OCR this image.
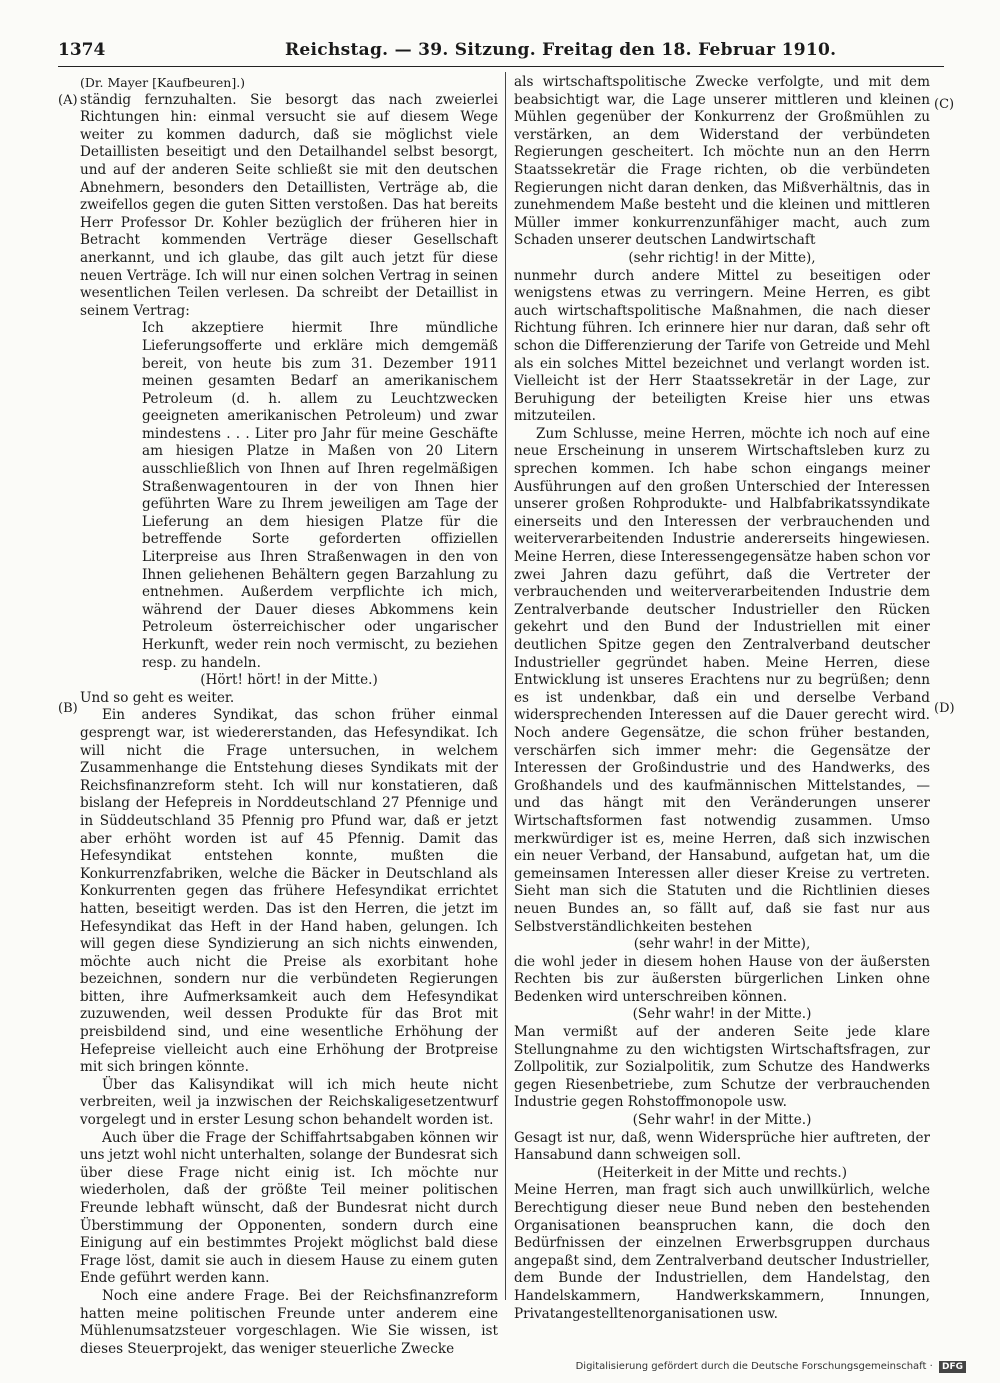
1374	Reichstag. — 39. Sitzung. Freitag den 18. Februar 1910.
(A)
(B)
(C)
(D)

(Dr. Mayer [Kaufbeuren].)

ständig fernzuhalten. Sie besorgt das nach zweierlei Richtungen hin: einmal versucht sie auf diesem Wege weiter zu kommen dadurch, daß sie möglichst viele Detaillisten beseitigt und den Detailhandel selbst besorgt, und auf der anderen Seite schließt sie mit den deutschen Abnehmern, besonders den Detaillisten, Verträge ab, die zweifellos gegen die guten Sitten verstoßen. Das hat bereits Herr Professor Dr. Kohler bezüglich der früheren hier in Betracht kommenden Verträge dieser Gesellschaft anerkannt, und ich glaube, das gilt auch jetzt für diese neuen Verträge. Ich will nur einen solchen Vertrag in seinen wesentlichen Teilen verlesen. Da schreibt der Detaillist in seinem Vertrag:

Ich akzeptiere hiermit Ihre mündliche Lieferungsofferte und erkläre mich demgemäß bereit, von heute bis zum 31. Dezember 1911 meinen gesamten Bedarf an amerikanischem Petroleum (d. h. allem zu Leuchtzwecken geeigneten amerikanischen Petroleum) und zwar mindestens . . . Liter pro Jahr für meine Geschäfte am hiesigen Platze in Maßen von 20 Litern ausschließlich von Ihnen auf Ihren regelmäßigen Straßenwagentouren in der von Ihnen hier geführten Ware zu Ihrem jeweiligen am Tage der Lieferung an dem hiesigen Platze für die betreffende Sorte geforderten offiziellen Literpreise aus Ihren Straßenwagen in den von Ihnen geliehenen Behältern gegen Barzahlung zu entnehmen. Außerdem verpflichte ich mich, während der Dauer dieses Abkommens kein Petroleum österreichischer oder ungarischer Herkunft, weder rein noch vermischt, zu beziehen resp. zu handeln.

(Hört! hört! in der Mitte.)

Und so geht es weiter.

Ein anderes Syndikat, das schon früher einmal gesprengt war, ist wiedererstanden, das Hefesyndikat. Ich will nicht die Frage untersuchen, in welchem Zusammenhange die Entstehung dieses Syndikats mit der Reichsfinanzreform steht. Ich will nur konstatieren, daß bislang der Hefepreis in Norddeutschland 27 Pfennige und in Süddeutschland 35 Pfennig pro Pfund war, daß er jetzt aber erhöht worden ist auf 45 Pfennig. Damit das Hefesyndikat entstehen konnte, mußten die Konkurrenzfabriken, welche die Bäcker in Deutschland als Konkurrenten gegen das frühere Hefesyndikat errichtet hatten, beseitigt werden. Das ist den Herren, die jetzt im Hefesyndikat das Heft in der Hand haben, gelungen. Ich will gegen diese Syndizierung an sich nichts einwenden, möchte auch nicht die Preise als exorbitant hohe bezeichnen, sondern nur die verbündeten Regierungen bitten, ihre Aufmerksamkeit auch dem Hefesyndikat zuzuwenden, weil dessen Produkte für das Brot mit preisbildend sind, und eine wesentliche Erhöhung der Hefepreise vielleicht auch eine Erhöhung der Brotpreise mit sich bringen könnte.

Über das Kalisyndikat will ich mich heute nicht verbreiten, weil ja inzwischen der Reichskaligesetzentwurf vorgelegt und in erster Lesung schon behandelt worden ist.

Auch über die Frage der Schiffahrtsabgaben können wir uns jetzt wohl nicht unterhalten, solange der Bundesrat sich über diese Frage nicht einig ist. Ich möchte nur wiederholen, daß der größte Teil meiner politischen Freunde lebhaft wünscht, daß der Bundesrat nicht durch Überstimmung der Opponenten, sondern durch eine Einigung auf ein bestimmtes Projekt möglichst bald diese Frage löst, damit sie auch in diesem Hause zu einem guten Ende geführt werden kann.

Noch eine andere Frage. Bei der Reichsfinanzreform hatten meine politischen Freunde unter anderem eine Mühlenumsatzsteuer vorgeschlagen. Wie Sie wissen, ist dieses Steuerprojekt, das weniger steuerliche Zwecke

als wirtschaftspolitische Zwecke verfolgte, und mit dem beabsichtigt war, die Lage unserer mittleren und kleinen Mühlen gegenüber der Konkurrenz der Großmühlen zu verstärken, an dem Widerstand der verbündeten Regierungen gescheitert. Ich möchte nun an den Herrn Staatssekretär die Frage richten, ob die verbündeten Regierungen nicht daran denken, das Mißverhältnis, das in zunehmendem Maße besteht und die kleinen und mittleren Müller immer konkurrenzunfähiger macht, auch zum Schaden unserer deutschen Landwirtschaft

(sehr richtig! in der Mitte),

nunmehr durch andere Mittel zu beseitigen oder wenigstens etwas zu verringern. Meine Herren, es gibt auch wirtschaftspolitische Maßnahmen, die nach dieser Richtung führen. Ich erinnere hier nur daran, daß sehr oft schon die Differenzierung der Tarife von Getreide und Mehl als ein solches Mittel bezeichnet und verlangt worden ist. Vielleicht ist der Herr Staatssekretär in der Lage, zur Beruhigung der beteiligten Kreise hier uns etwas mitzuteilen.

Zum Schlusse, meine Herren, möchte ich noch auf eine neue Erscheinung in unserem Wirtschaftsleben kurz zu sprechen kommen. Ich habe schon eingangs meiner Ausführungen auf den großen Unterschied der Interessen unserer großen Rohprodukte- und Halbfabrikatssyndikate einerseits und den Interessen der verbrauchenden und weiterverarbeitenden Industrie andererseits hingewiesen. Meine Herren, diese Interessengegensätze haben schon vor zwei Jahren dazu geführt, daß die Vertreter der verbrauchenden und weiterverarbeitenden Industrie dem Zentralverbande deutscher Industrieller den Rücken gekehrt und den Bund der Industriellen mit einer deutlichen Spitze gegen den Zentralverband deutscher Industrieller gegründet haben. Meine Herren, diese Entwicklung ist unseres Erachtens nur zu begrüßen; denn es ist undenkbar, daß ein und derselbe Verband widersprechenden Interessen auf die Dauer gerecht wird. Noch andere Gegensätze, die schon früher bestanden, verschärfen sich immer mehr: die Gegensätze der Interessen der Großindustrie und des Handwerks, des Großhandels und des kaufmännischen Mittelstandes, — und das hängt mit den Veränderungen unserer Wirtschaftsformen fast notwendig zusammen. Umso merkwürdiger ist es, meine Herren, daß sich inzwischen ein neuer Verband, der Hansabund, aufgetan hat, um die gemeinsamen Interessen aller dieser Kreise zu vertreten. Sieht man sich die Statuten und die Richtlinien dieses neuen Bundes an, so fällt auf, daß sie fast nur aus Selbstverständlichkeiten bestehen

(sehr wahr! in der Mitte),

die wohl jeder in diesem hohen Hause von der äußersten Rechten bis zur äußersten bürgerlichen Linken ohne Bedenken wird unterschreiben können.

(Sehr wahr! in der Mitte.)

Man vermißt auf der anderen Seite jede klare Stellungnahme zu den wichtigsten Wirtschaftsfragen, zur Zollpolitik, zur Sozialpolitik, zum Schutze des Handwerks gegen Riesenbetriebe, zum Schutze der verbrauchenden Industrie gegen Rohstoffmonopole usw.

(Sehr wahr! in der Mitte.)

Gesagt ist nur, daß, wenn Widersprüche hier auftreten, der Hansabund dann schweigen soll.

(Heiterkeit in der Mitte und rechts.)

Meine Herren, man fragt sich auch unwillkürlich, welche Berechtigung dieser neue Bund neben den bestehenden Organisationen beanspruchen kann, die doch den Bedürfnissen der einzelnen Erwerbsgruppen durchaus angepaßt sind, dem Zentralverband deutscher Industrieller, dem Bunde der Industriellen, dem Handelstag, den Handelskammern, Handwerkskammern, Innungen, Privatangestelltenorganisationen usw.

Digitalisierung gefördert durch die Deutsche Forschungsgemeinschaft · DFG
